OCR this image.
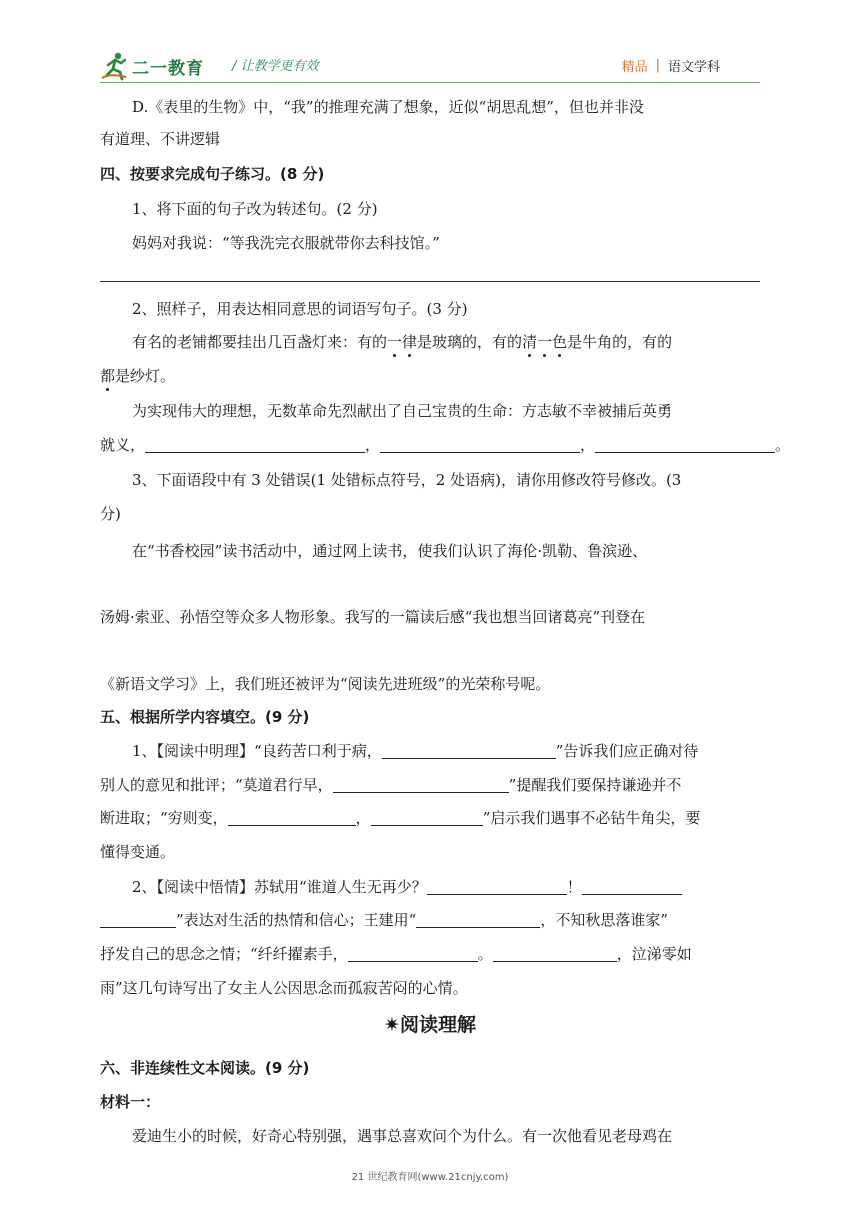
二一教育 / 让教学更有效	精品 | 语文学科
D.《表里的生物》中，“我”的推理充满了想象，近似“胡思乱想”，但也并非没
有道理、不讲逻辑
四、按要求完成句子练习。(8 分)
1、将下面的句子改为转述句。(2 分)
妈妈对我说：“等我洗完衣服就带你去科技馆。”
2、照样子，用表达相同意思的词语写句子。(3 分)
有名的老铺都要挂出几百盏灯来：有的一律是玻璃的，有的清一色是牛角的，有的
都是纱灯。
为实现伟大的理想，无数革命先烈献出了自己宝贵的生命：方志敏不幸被捕后英勇
就义，	，	，	。
3、下面语段中有 3 处错误(1 处错标点符号，2 处语病)，请你用修改符号修改。(3
分)
在“书香校园”读书活动中，通过网上读书，使我们认识了海伦·凯勒、鲁滨逊、
汤姆·索亚、孙悟空等众多人物形象。我写的一篇读后感“我也想当回诸葛亮”刊登在
《新语文学习》上，我们班还被评为“阅读先进班级”的光荣称号呢。
五、根据所学内容填空。(9 分)
1、【阅读中明理】“良药苦口利于病，	”告诉我们应正确对待
别人的意见和批评；“莫道君行早，	”提醒我们要保持谦逊并不
断进取；“穷则变，	，	”启示我们遇事不必钻牛角尖，要
懂得变通。
2、【阅读中悟情】苏轼用“谁道人生无再少？	！
”表达对生活的热情和信心；王建用“	，不知秋思落谁家”
抒发自己的思念之情；“纤纤擢素手，	。	，泣涕零如
雨”这几句诗写出了女主人公因思念而孤寂苦闷的心情。
✷阅读理解
六、非连续性文本阅读。(9 分)
材料一：
爱迪生小的时候，好奇心特别强，遇事总喜欢问个为什么。有一次他看见老母鸡在
21 世纪教育网(www.21cnjy.com)
